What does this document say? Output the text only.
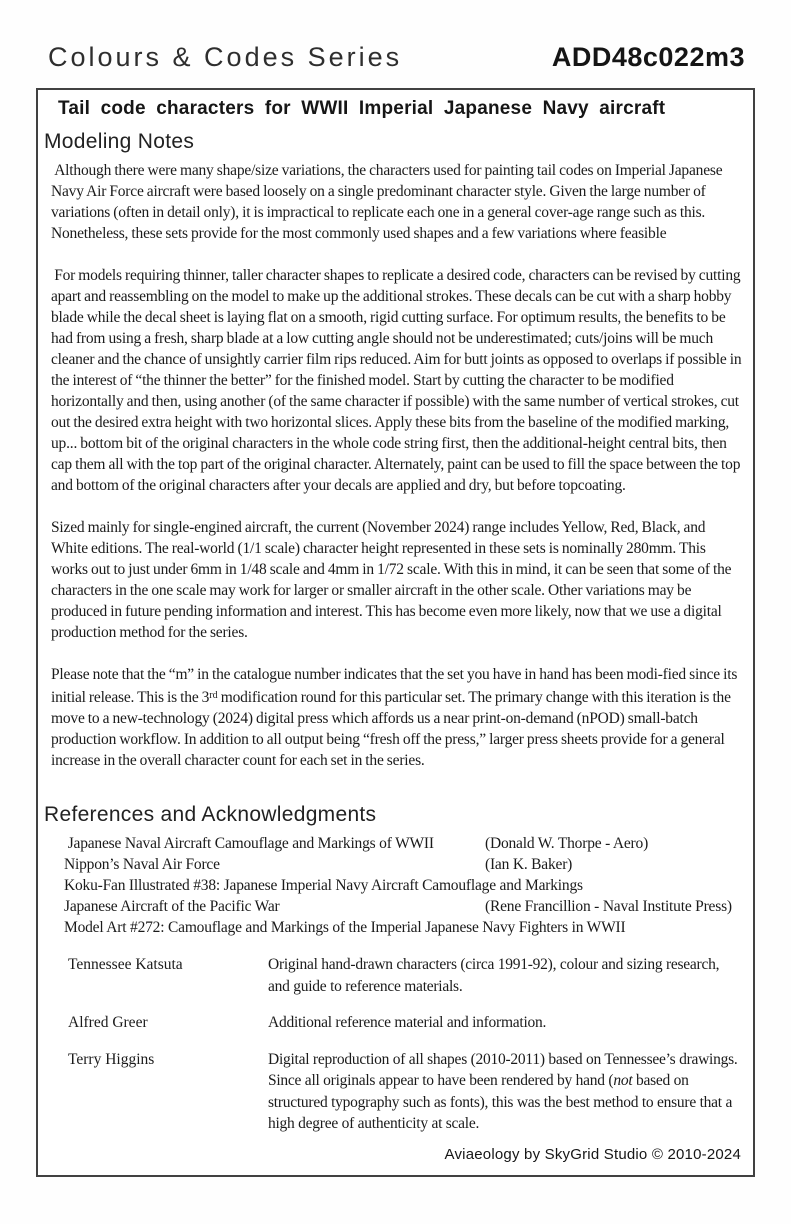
Colours & Codes Series	ADD48c022m3
Tail code characters for WWII Imperial Japanese Navy aircraft
Modeling Notes
Although there were many shape/size variations, the characters used for painting tail codes on Imperial Japanese Navy Air Force aircraft were based loosely on a single predominant character style. Given the large number of variations (often in detail only), it is impractical to replicate each one in a general cover-age range such as this. Nonetheless, these sets provide for the most commonly used shapes and a few variations where feasible
For models requiring thinner, taller character shapes to replicate a desired code, characters can be revised by cutting apart and reassembling on the model to make up the additional strokes. These decals can be cut with a sharp hobby blade while the decal sheet is laying flat on a smooth, rigid cutting surface. For optimum results, the benefits to be had from using a fresh, sharp blade at a low cutting angle should not be underestimated; cuts/joins will be much cleaner and the chance of unsightly carrier film rips reduced. Aim for butt joints as opposed to overlaps if possible in the interest of “the thinner the better” for the finished model. Start by cutting the character to be modified horizontally and then, using another (of the same character if possible) with the same number of vertical strokes, cut out the desired extra height with two horizontal slices. Apply these bits from the baseline of the modified marking, up... bottom bit of the original characters in the whole code string first, then the additional-height central bits, then cap them all with the top part of the original character. Alternately, paint can be used to fill the space between the top and bottom of the original characters after your decals are applied and dry, but before topcoating.
Sized mainly for single-engined aircraft, the current (November 2024) range includes Yellow, Red, Black, and White editions. The real-world (1/1 scale) character height represented in these sets is nominally 280mm. This works out to just under 6mm in 1/48 scale and 4mm in 1/72 scale. With this in mind, it can be seen that some of the characters in the one scale may work for larger or smaller aircraft in the other scale. Other variations may be produced in future pending information and interest. This has become even more likely, now that we use a digital production method for the series.
Please note that the “m” in the catalogue number indicates that the set you have in hand has been modi-fied since its initial release. This is the 3rd modification round for this particular set. The primary change with this iteration is the move to a new-technology (2024) digital press which affords us a near print-on-demand (nPOD) small-batch production workflow. In addition to all output being “fresh off the press,” larger press sheets provide for a general increase in the overall character count for each set in the series.
References and Acknowledgments
Japanese Naval Aircraft Camouflage and Markings of WWII	(Donald W. Thorpe - Aero)
Nippon’s Naval Air Force	(Ian K. Baker)
Koku-Fan Illustrated #38: Japanese Imperial Navy Aircraft Camouflage and Markings
Japanese Aircraft of the Pacific War	(Rene Francillion - Naval Institute Press)
Model Art #272: Camouflage and Markings of the Imperial Japanese Navy Fighters in WWII
Tennessee Katsuta	Original hand-drawn characters (circa 1991-92), colour and sizing research, and guide to reference materials.
Alfred Greer	Additional reference material and information.
Terry Higgins	Digital reproduction of all shapes (2010-2011) based on Tennessee’s drawings. Since all originals appear to have been rendered by hand (not based on structured typography such as fonts), this was the best method to ensure that a high degree of authenticity at scale.
Aviaeology by SkyGrid Studio © 2010-2024
